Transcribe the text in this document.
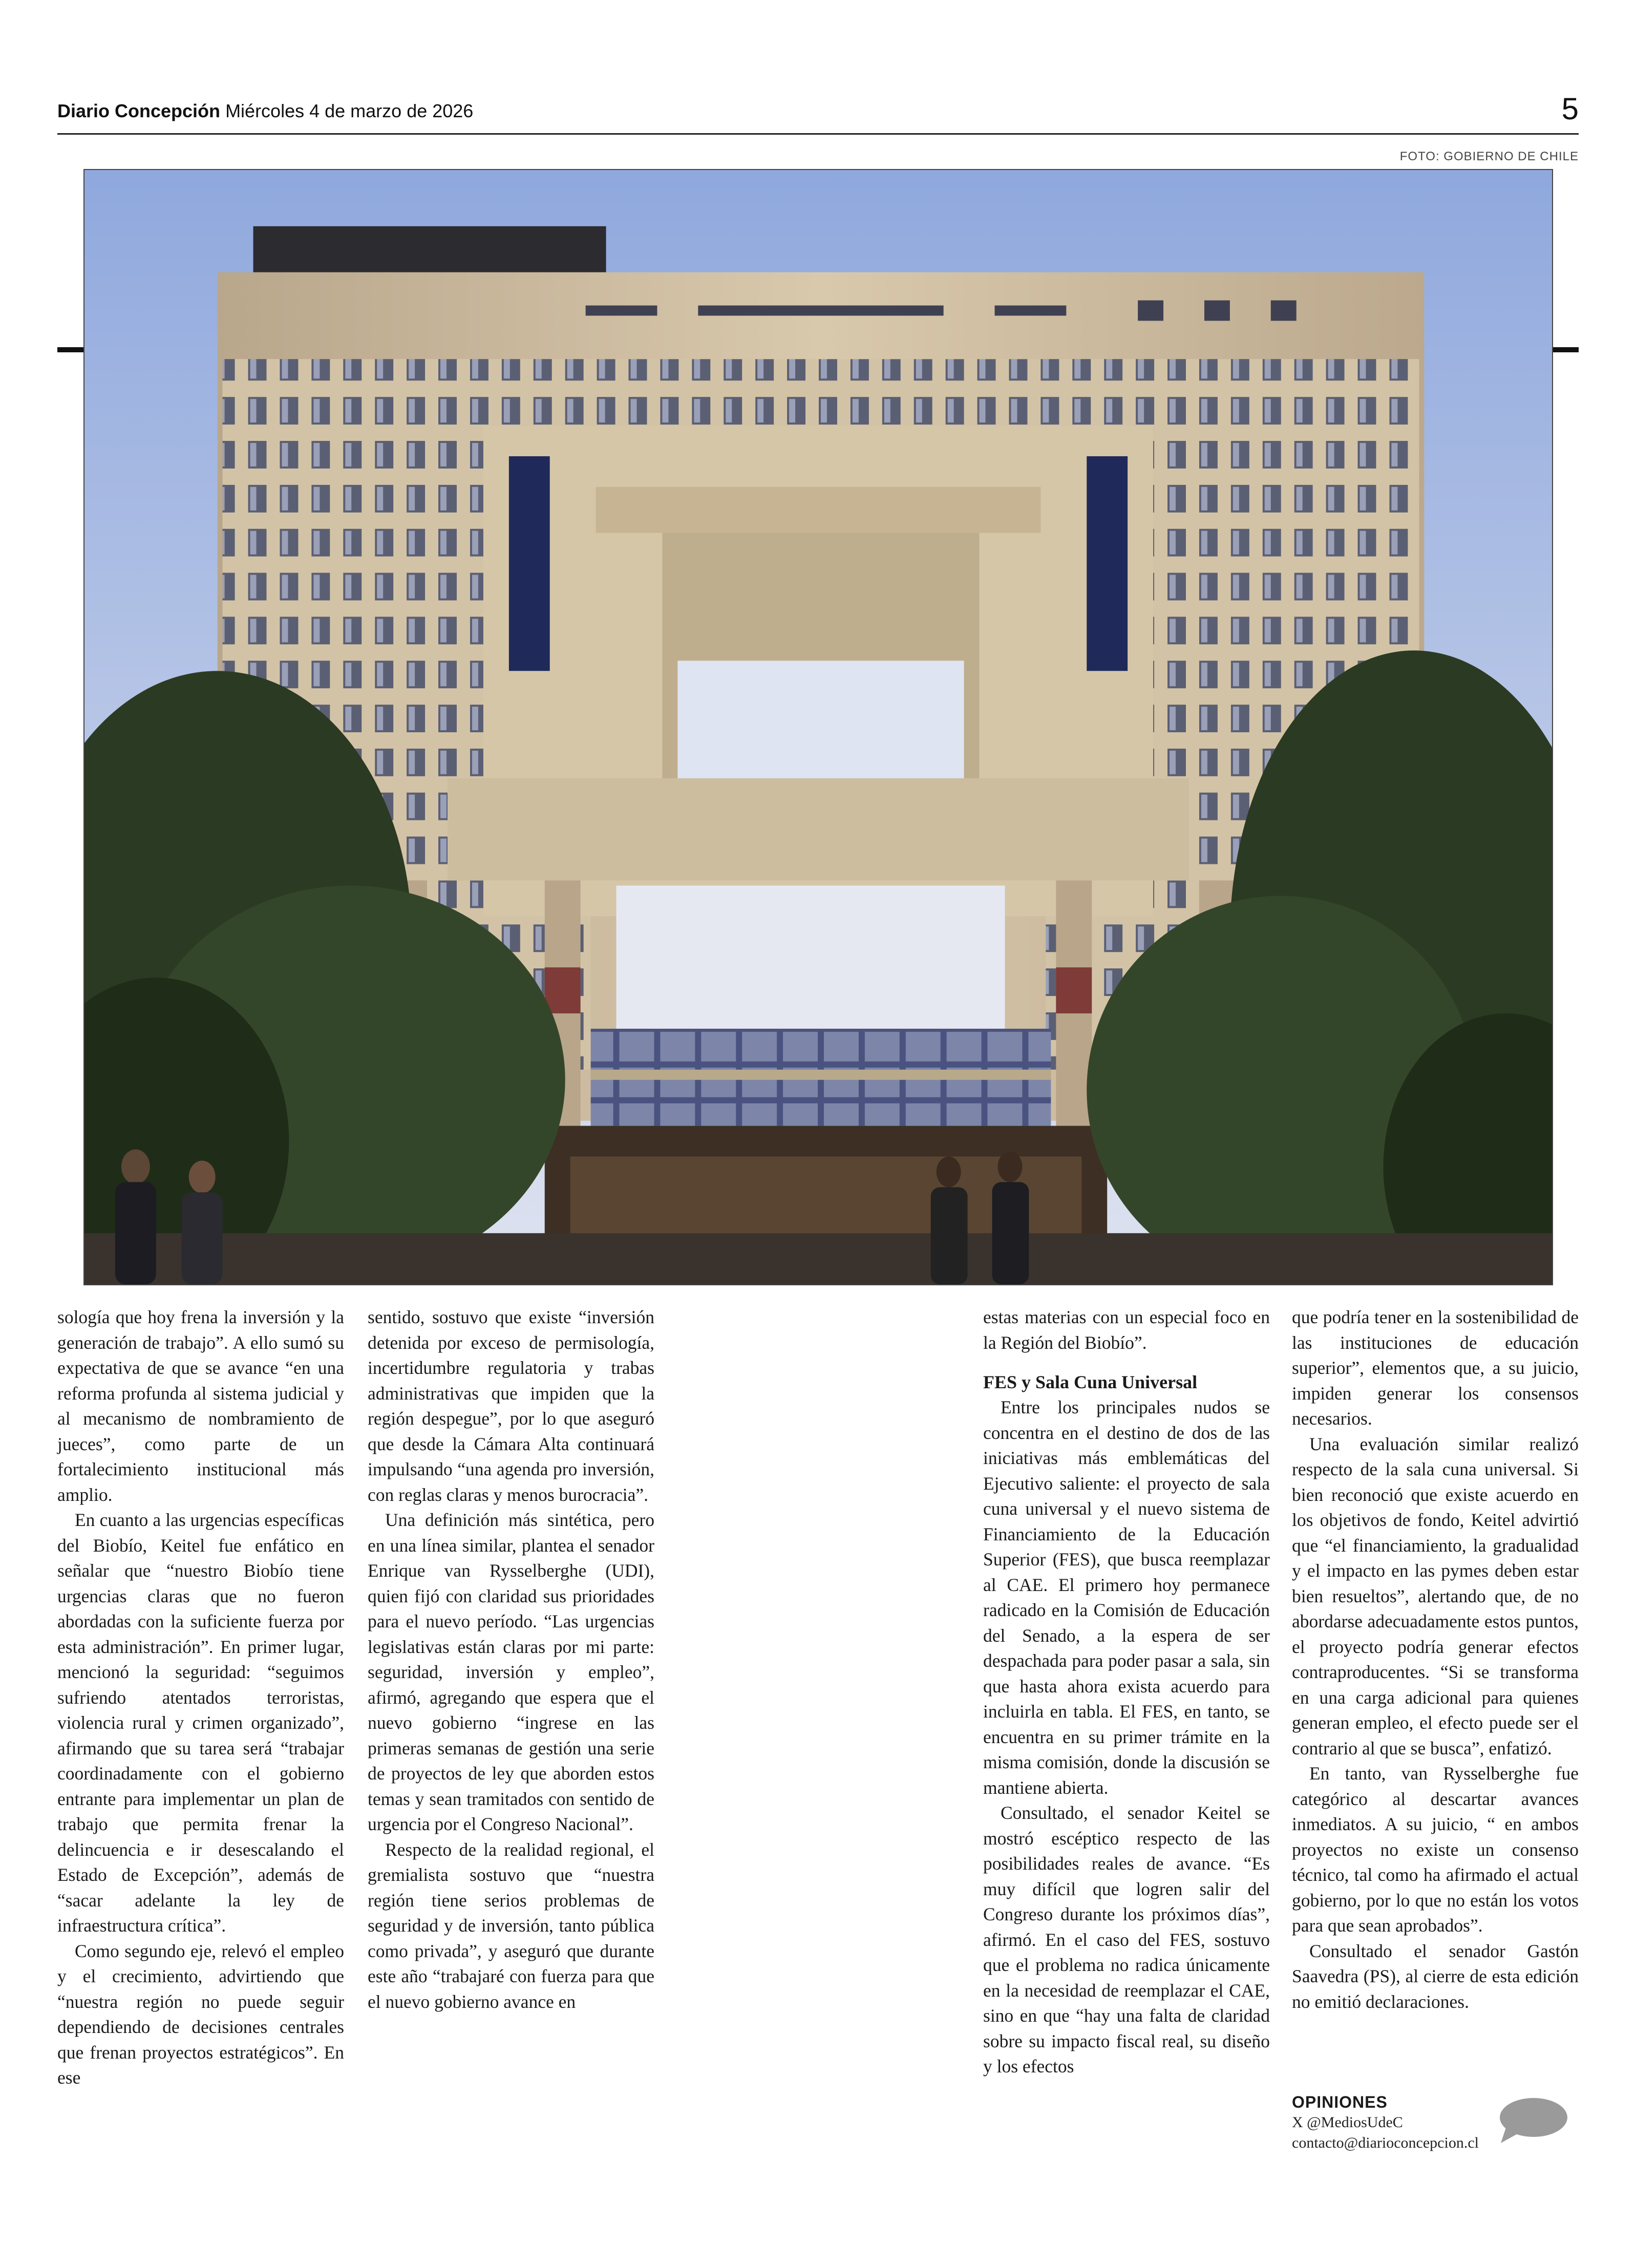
Diario Concepción Miércoles 4 de marzo de 2026	5
FOTO: GOBIERNO DE CHILE

sología que hoy frena la inversión y la generación de trabajo”. A ello sumó su expectativa de que se avance “en una reforma profunda al sistema judicial y al mecanismo de nombramiento de jueces”, como parte de un fortalecimiento institucional más amplio.

En cuanto a las urgencias específicas del Biobío, Keitel fue enfático en señalar que “nuestro Biobío tiene urgencias claras que no fueron abordadas con la suficiente fuerza por esta administración”. En primer lugar, mencionó la seguridad: “seguimos sufriendo atentados terroristas, violencia rural y crimen organizado”, afirmando que su tarea será “trabajar coordinadamente con el gobierno entrante para implementar un plan de trabajo que permita frenar la delincuencia e ir desescalando el Estado de Excepción”, además de “sacar adelante la ley de infraestructura crítica”.

Como segundo eje, relevó el empleo y el crecimiento, advirtiendo que “nuestra región no puede seguir dependiendo de decisiones centrales que frenan proyectos estratégicos”. En ese

sentido, sostuvo que existe “inversión detenida por exceso de permisología, incertidumbre regulatoria y trabas administrativas que impiden que la región despegue”, por lo que aseguró que desde la Cámara Alta continuará impulsando “una agenda pro inversión, con reglas claras y menos burocracia”.

Una definición más sintética, pero en una línea similar, plantea el senador Enrique van Rysselberghe (UDI), quien fijó con claridad sus prioridades para el nuevo período. “Las urgencias legislativas están claras por mi parte: seguridad, inversión y empleo”, afirmó, agregando que espera que el nuevo gobierno “ingrese en las primeras semanas de gestión una serie de proyectos de ley que aborden estos temas y sean tramitados con sentido de urgencia por el Congreso Nacional”.

Respecto de la realidad regional, el gremialista sostuvo que “nuestra región tiene serios problemas de seguridad y de inversión, tanto pública como privada”, y aseguró que durante este año “trabajaré con fuerza para que el nuevo gobierno avance en

estas materias con un especial foco en la Región del Biobío”.

FES y Sala Cuna Universal

Entre los principales nudos se concentra en el destino de dos de las iniciativas más emblemáticas del Ejecutivo saliente: el proyecto de sala cuna universal y el nuevo sistema de Financiamiento de la Educación Superior (FES), que busca reemplazar al CAE. El primero hoy permanece radicado en la Comisión de Educación del Senado, a la espera de ser despachada para poder pasar a sala, sin que hasta ahora exista acuerdo para incluirla en tabla. El FES, en tanto, se encuentra en su primer trámite en la misma comisión, donde la discusión se mantiene abierta.

Consultado, el senador Keitel se mostró escéptico respecto de las posibilidades reales de avance. “Es muy difícil que logren salir del Congreso durante los próximos días”, afirmó. En el caso del FES, sostuvo que el problema no radica únicamente en la necesidad de reemplazar el CAE, sino en que “hay una falta de claridad sobre su impacto fiscal real, su diseño y los efectos

que podría tener en la sostenibilidad de las instituciones de educación superior”, elementos que, a su juicio, impiden generar los consensos necesarios.

Una evaluación similar realizó respecto de la sala cuna universal. Si bien reconoció que existe acuerdo en los objetivos de fondo, Keitel advirtió que “el financiamiento, la gradualidad y el impacto en las pymes deben estar bien resueltos”, alertando que, de no abordarse adecuadamente estos puntos, el proyecto podría generar efectos contraproducentes. “Si se transforma en una carga adicional para quienes generan empleo, el efecto puede ser el contrario al que se busca”, enfatizó.

En tanto, van Rysselberghe fue categórico al descartar avances inmediatos. A su juicio, “ en ambos proyectos no existe un consenso técnico, tal como ha afirmado el actual gobierno, por lo que no están los votos para que sean aprobados”.

Consultado el senador Gastón Saavedra (PS), al cierre de esta edición no emitió declaraciones.

OPINIONES
X @MediosUdeC
contacto@diarioconcepcion.cl
